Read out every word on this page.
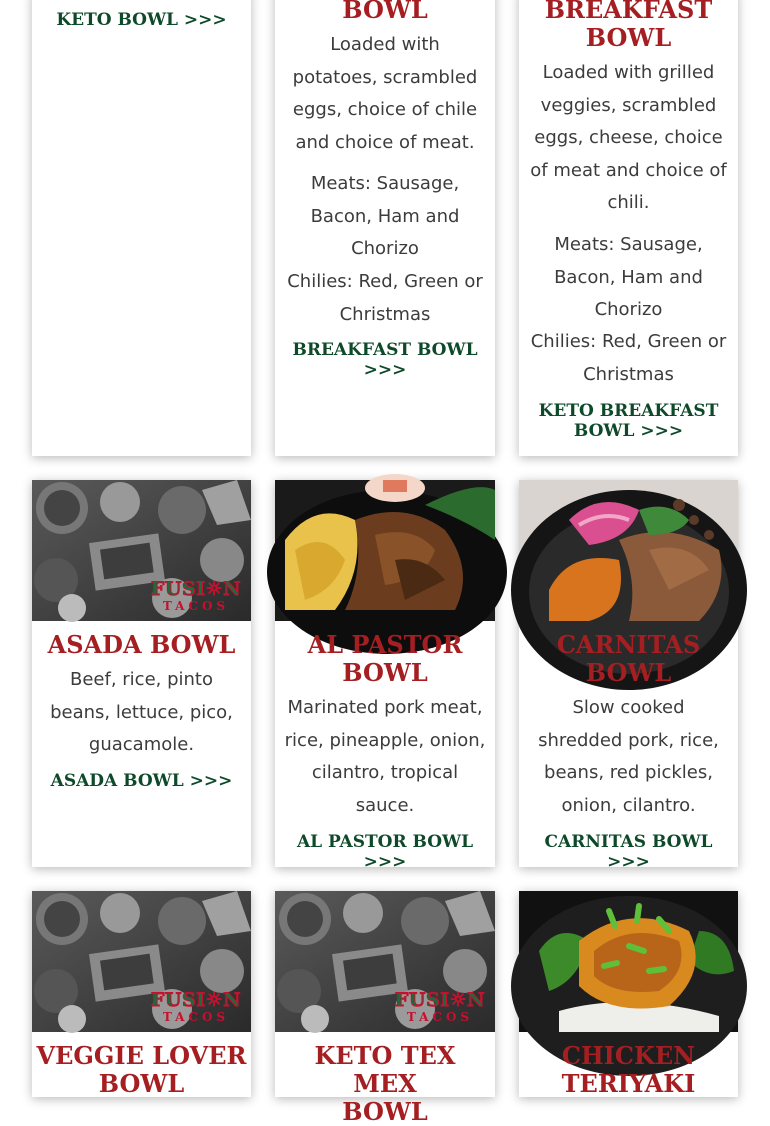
KETO BOWL >>>	BOWL
Loaded with
potatoes, scrambled
eggs, choice of chile
and choice of meat.
Meats: Sausage,
Bacon, Ham and
Chorizo
Chilies: Red, Green or
Christmas
BREAKFAST BOWL >>>
BREAKFAST
BOWL
Loaded with grilled
veggies, scrambled
eggs, cheese, choice
of meat and choice of
chili.
Meats: Sausage,
Bacon, Ham and
Chorizo
Chilies: Red, Green or
Christmas
KETO BREAKFAST
BOWL >>>
FUSI☼N
TACOS
ASADA BOWL
Beef, rice, pinto
beans, lettuce, pico,
guacamole.
ASADA BOWL >>>
AL PASTOR
BOWL
Marinated pork meat,
rice, pineapple, onion,
cilantro, tropical
sauce.
AL PASTOR BOWL >>>
CARNITAS
BOWL
Slow cooked
shredded pork, rice,
beans, red pickles,
onion, cilantro.
CARNITAS BOWL >>>
FUSI☼N
TACOS
VEGGIE LOVER
BOWL
FUSI☼N
TACOS
KETO TEX MEX
BOWL
CHICKEN
TERIYAKI
